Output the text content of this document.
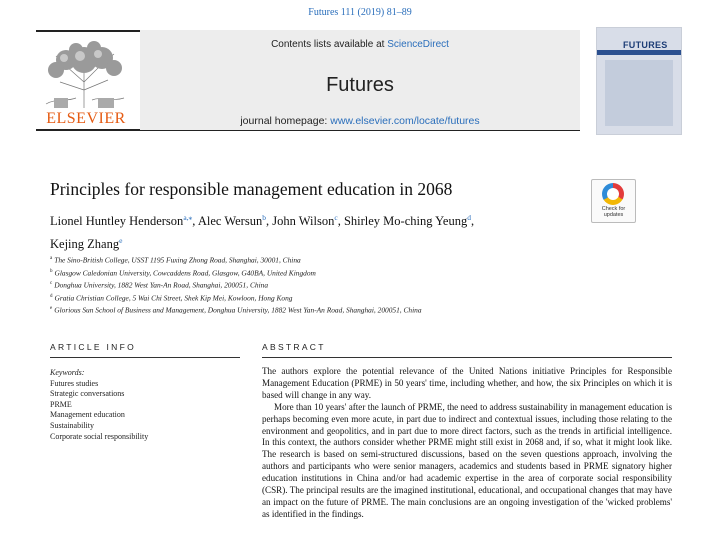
Futures 111 (2019) 81–89
ELSEVIER
Contents lists available at ScienceDirect
Futures
journal homepage: www.elsevier.com/locate/futures
FUTURES
Principles for responsible management education in 2068
Check for updates
Lionel Huntley Henderson$^{a,⁎}$, Alec Wersun$^b$, John Wilson$^c$, Shirley Mo-ching Yeung$^d$,
Kejing Zhang$^e$
$^a$ The Sino-British College, USST 1195 Fuxing Zhong Road, Shanghai, 30001, China
$^b$ Glasgow Caledonian University, Cowcaddens Road, Glasgow, G40BA, United Kingdom
$^c$ Donghua University, 1882 West Yan-An Road, Shanghai, 200051, China
$^d$ Gratia Christian College, 5 Wai Chi Street, Shek Kip Mei, Kowloon, Hong Kong
$^e$ Glorious Sun School of Business and Management, Donghua University, 1882 West Yan-An Road, Shanghai, 200051, China
ARTICLE INFO	ABSTRACT
Keywords:
Futures studies
Strategic conversations
PRME
Management education
Sustainability
Corporate social responsibility

The authors explore the potential relevance of the United Nations initiative Principles for Responsible Management Education (PRME) in 50 years' time, including whether, and how, the six Principles on which it is based will change in any way.

More than 10 years' after the launch of PRME, the need to address sustainability in management education is perhaps becoming even more acute, in part due to indirect and contextual issues, including those relating to the environment and geopolitics, and in part due to more direct factors, such as the trends in artificial intelligence. In this context, the authors consider whether PRME might still exist in 2068 and, if so, what it might look like. The research is based on semi-structured discussions, based on the seven questions approach, involving the authors and participants who were senior managers, academics and students based in PRME signatory higher education institutions in China and/or had academic expertise in the area of corporate social responsibility (CSR). The principal results are the imagined institutional, educational, and occupational changes that may have an impact on the future of PRME. The main conclusions are an ongoing investigation of the 'wicked problems' as identified in the findings.
